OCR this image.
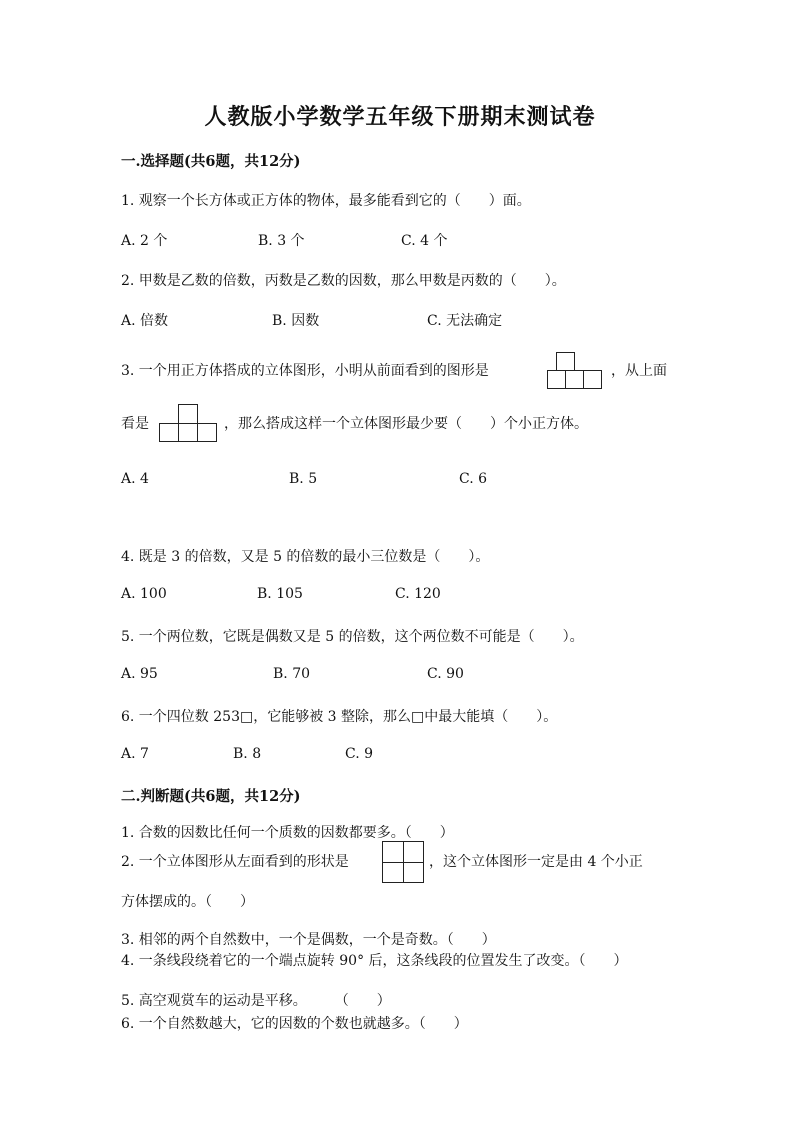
人教版小学数学五年级下册期末测试卷
一.选择题(共6题，共12分)
1. 观察一个长方体或正方体的物体，最多能看到它的（　　）面。
A. 2 个	B. 3 个	C. 4 个
2. 甲数是乙数的倍数，丙数是乙数的因数，那么甲数是丙数的（　　）。
A. 倍数	B. 因数	C. 无法确定
3. 一个用正方体搭成的立体图形，小明从前面看到的图形是	，从上面
看是	，那么搭成这样一个立体图形最少要（　　）个小正方体。
A. 4	B. 5	C. 6
4. 既是 3 的倍数，又是 5 的倍数的最小三位数是（　　）。
A. 100	B. 105	C. 120
5. 一个两位数，它既是偶数又是 5 的倍数，这个两位数不可能是（　　）。
A. 95	B. 70	C. 90
6. 一个四位数 253□，它能够被 3 整除，那么□中最大能填（　　）。
A. 7	B. 8	C. 9
二.判断题(共6题，共12分)
1. 合数的因数比任何一个质数的因数都要多。（　　）
2. 一个立体图形从左面看到的形状是	，这个立体图形一定是由 4 个小正
方体摆成的。（　　）
3. 相邻的两个自然数中，一个是偶数，一个是奇数。（　　）
4. 一条线段绕着它的一个端点旋转 90° 后，这条线段的位置发生了改变。（　　）
5. 高空观赏车的运动是平移。　　　（　　）
6. 一个自然数越大，它的因数的个数也就越多。（　　）
